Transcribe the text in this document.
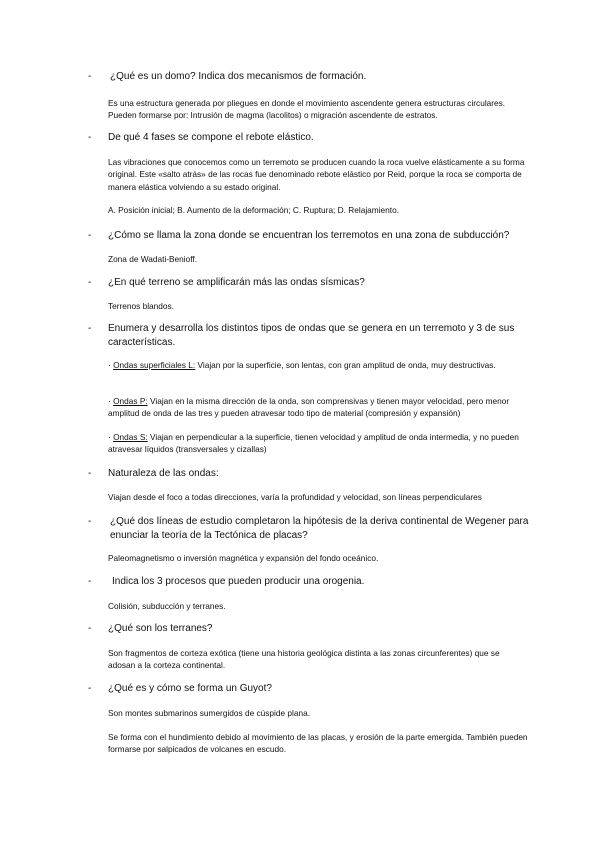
- ¿Qué es un domo? Indica dos mecanismos de formación.
Es una estructura generada por pliegues en donde el movimiento ascendente genera estructuras circulares. Pueden formarse por: Intrusión de magma (lacolitos) o migración ascendente de estratos.
- De qué 4 fases se compone el rebote elástico.
Las vibraciones que conocemos como un terremoto se producen cuando la roca vuelve elásticamente a su forma original. Este «salto atrás» de las rocas fue denominado rebote elástico por Reid, porque la roca se comporta de manera elástica volviendo a su estado original.
A. Posición inicial; B. Aumento de la deformación; C. Ruptura; D. Relajamiento.
- ¿Cómo se llama la zona donde se encuentran los terremotos en una zona de subducción?
Zona de Wadati-Benioff.
- ¿En qué terreno se amplificarán más las ondas sísmicas?
Terrenos blandos.
- Enumera y desarrolla los distintos tipos de ondas que se genera en un terremoto y 3 de sus características.
· Ondas superficiales L: Viajan por la superficie, son lentas, con gran amplitud de onda, muy destructivas.
· Ondas P: Viajan en la misma dirección de la onda, son comprensivas y tienen mayor velocidad, pero menor amplitud de onda de las tres y pueden atravesar todo tipo de material (compresión y expansión)
· Ondas S: Viajan en perpendicular a la superficie, tienen velocidad y amplitud de onda intermedia, y no pueden atravesar líquidos (transversales y cizallas)
- Naturaleza de las ondas:
Viajan desde el foco a todas direcciones, varía la profundidad y velocidad, son líneas perpendiculares
- ¿Qué dos líneas de estudio completaron la hipótesis de la deriva continental de Wegener para enunciar la teoría de la Tectónica de placas?
Paleomagnetismo o inversión magnética y expansión del fondo oceánico.
- Indica los 3 procesos que pueden producir una orogenia.
Colisión, subducción y terranes.
- ¿Qué son los terranes?
Son fragmentos de corteza exótica (tiene una historia geológica distinta a las zonas circunferentes) que se adosan a la corteza continental.
- ¿Qué es y cómo se forma un Guyot?
Son montes submarinos sumergidos de cúspide plana.
Se forma con el hundimiento debido al movimiento de las placas, y erosión de la parte emergida. También pueden formarse por salpicados de volcanes en escudo.
